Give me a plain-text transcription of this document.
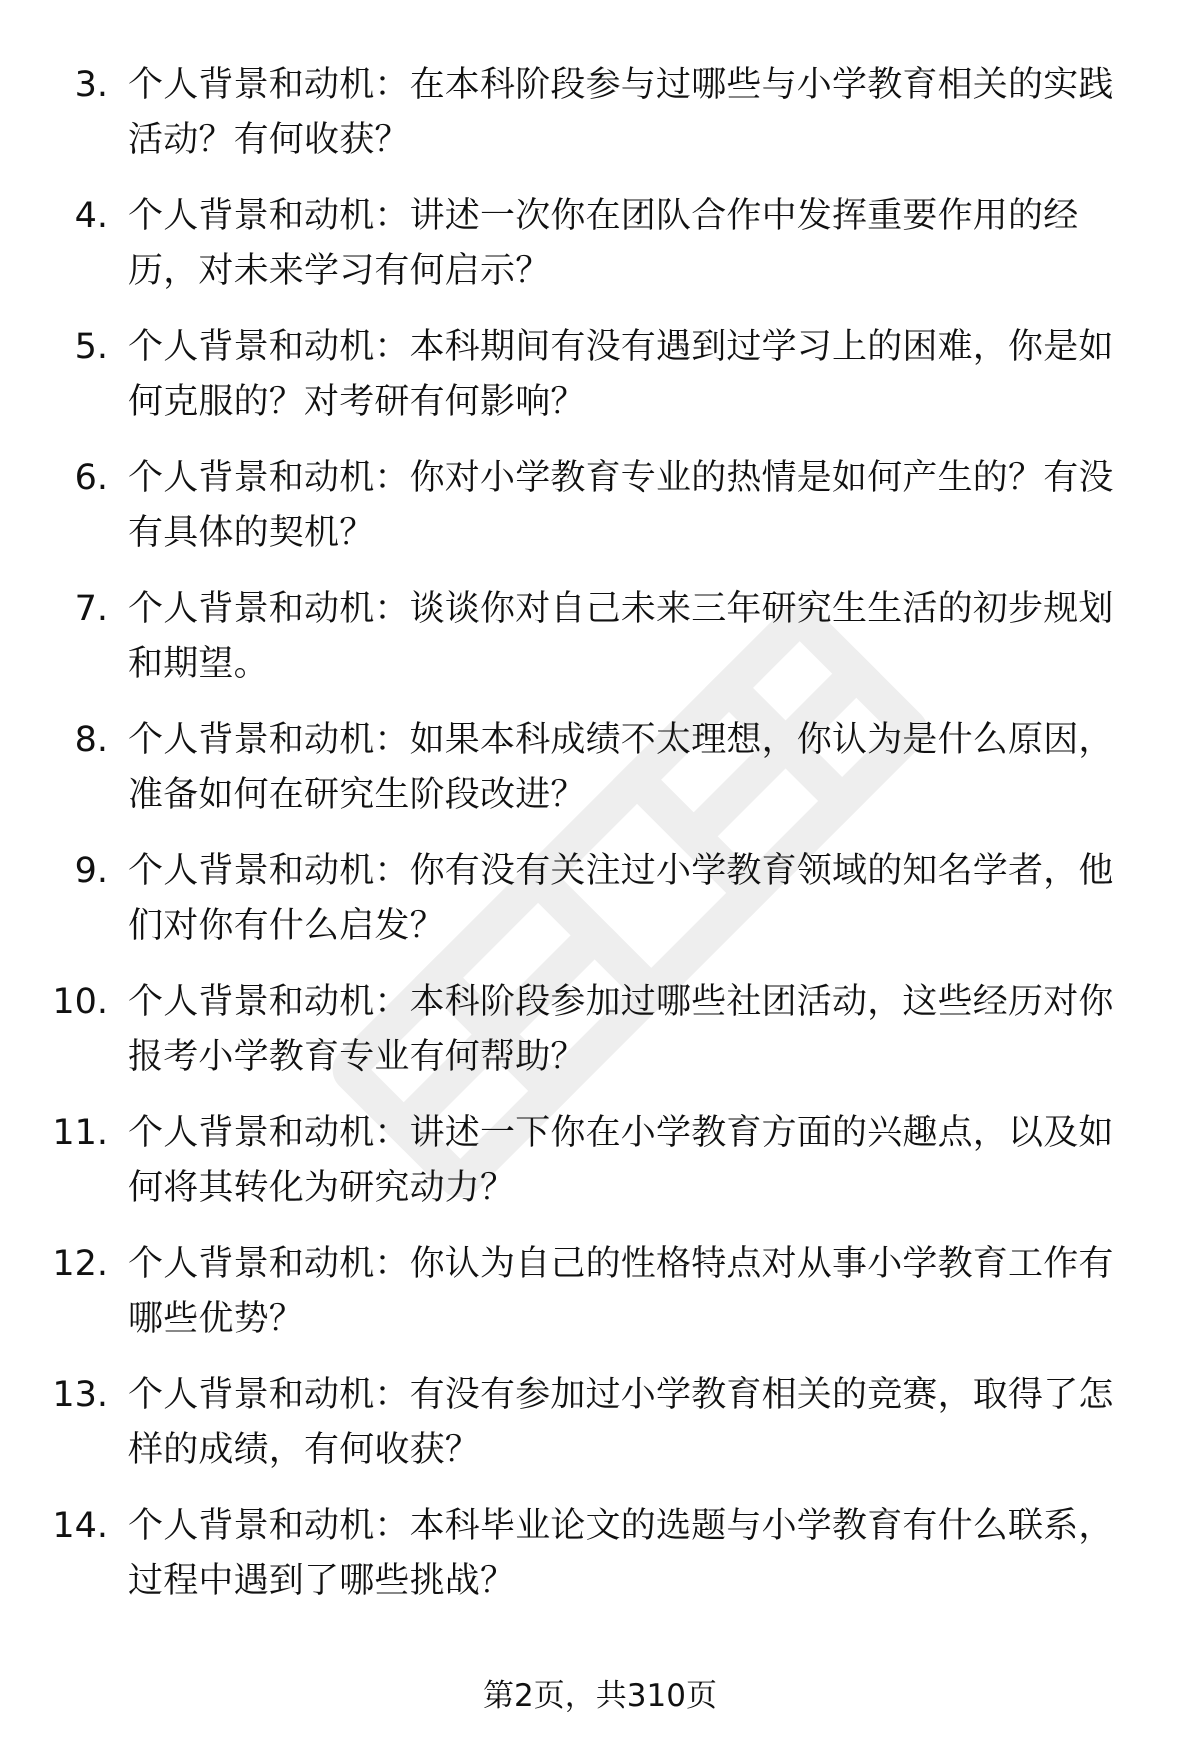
3. 个人背景和动机：在本科阶段参与过哪些与小学教育相关的实践活动？有何收获？
4. 个人背景和动机：讲述一次你在团队合作中发挥重要作用的经历，对未来学习有何启示？
5. 个人背景和动机：本科期间有没有遇到过学习上的困难，你是如何克服的？对考研有何影响？
6. 个人背景和动机：你对小学教育专业的热情是如何产生的？有没有具体的契机？
7. 个人背景和动机：谈谈你对自己未来三年研究生生活的初步规划和期望。
8. 个人背景和动机：如果本科成绩不太理想，你认为是什么原因，准备如何在研究生阶段改进？
9. 个人背景和动机：你有没有关注过小学教育领域的知名学者，他们对你有什么启发？
10. 个人背景和动机：本科阶段参加过哪些社团活动，这些经历对你报考小学教育专业有何帮助？
11. 个人背景和动机：讲述一下你在小学教育方面的兴趣点，以及如何将其转化为研究动力？
12. 个人背景和动机：你认为自己的性格特点对从事小学教育工作有哪些优势？
13. 个人背景和动机：有没有参加过小学教育相关的竞赛，取得了怎样的成绩，有何收获？
14. 个人背景和动机：本科毕业论文的选题与小学教育有什么联系，过程中遇到了哪些挑战？
第2页，共310页
